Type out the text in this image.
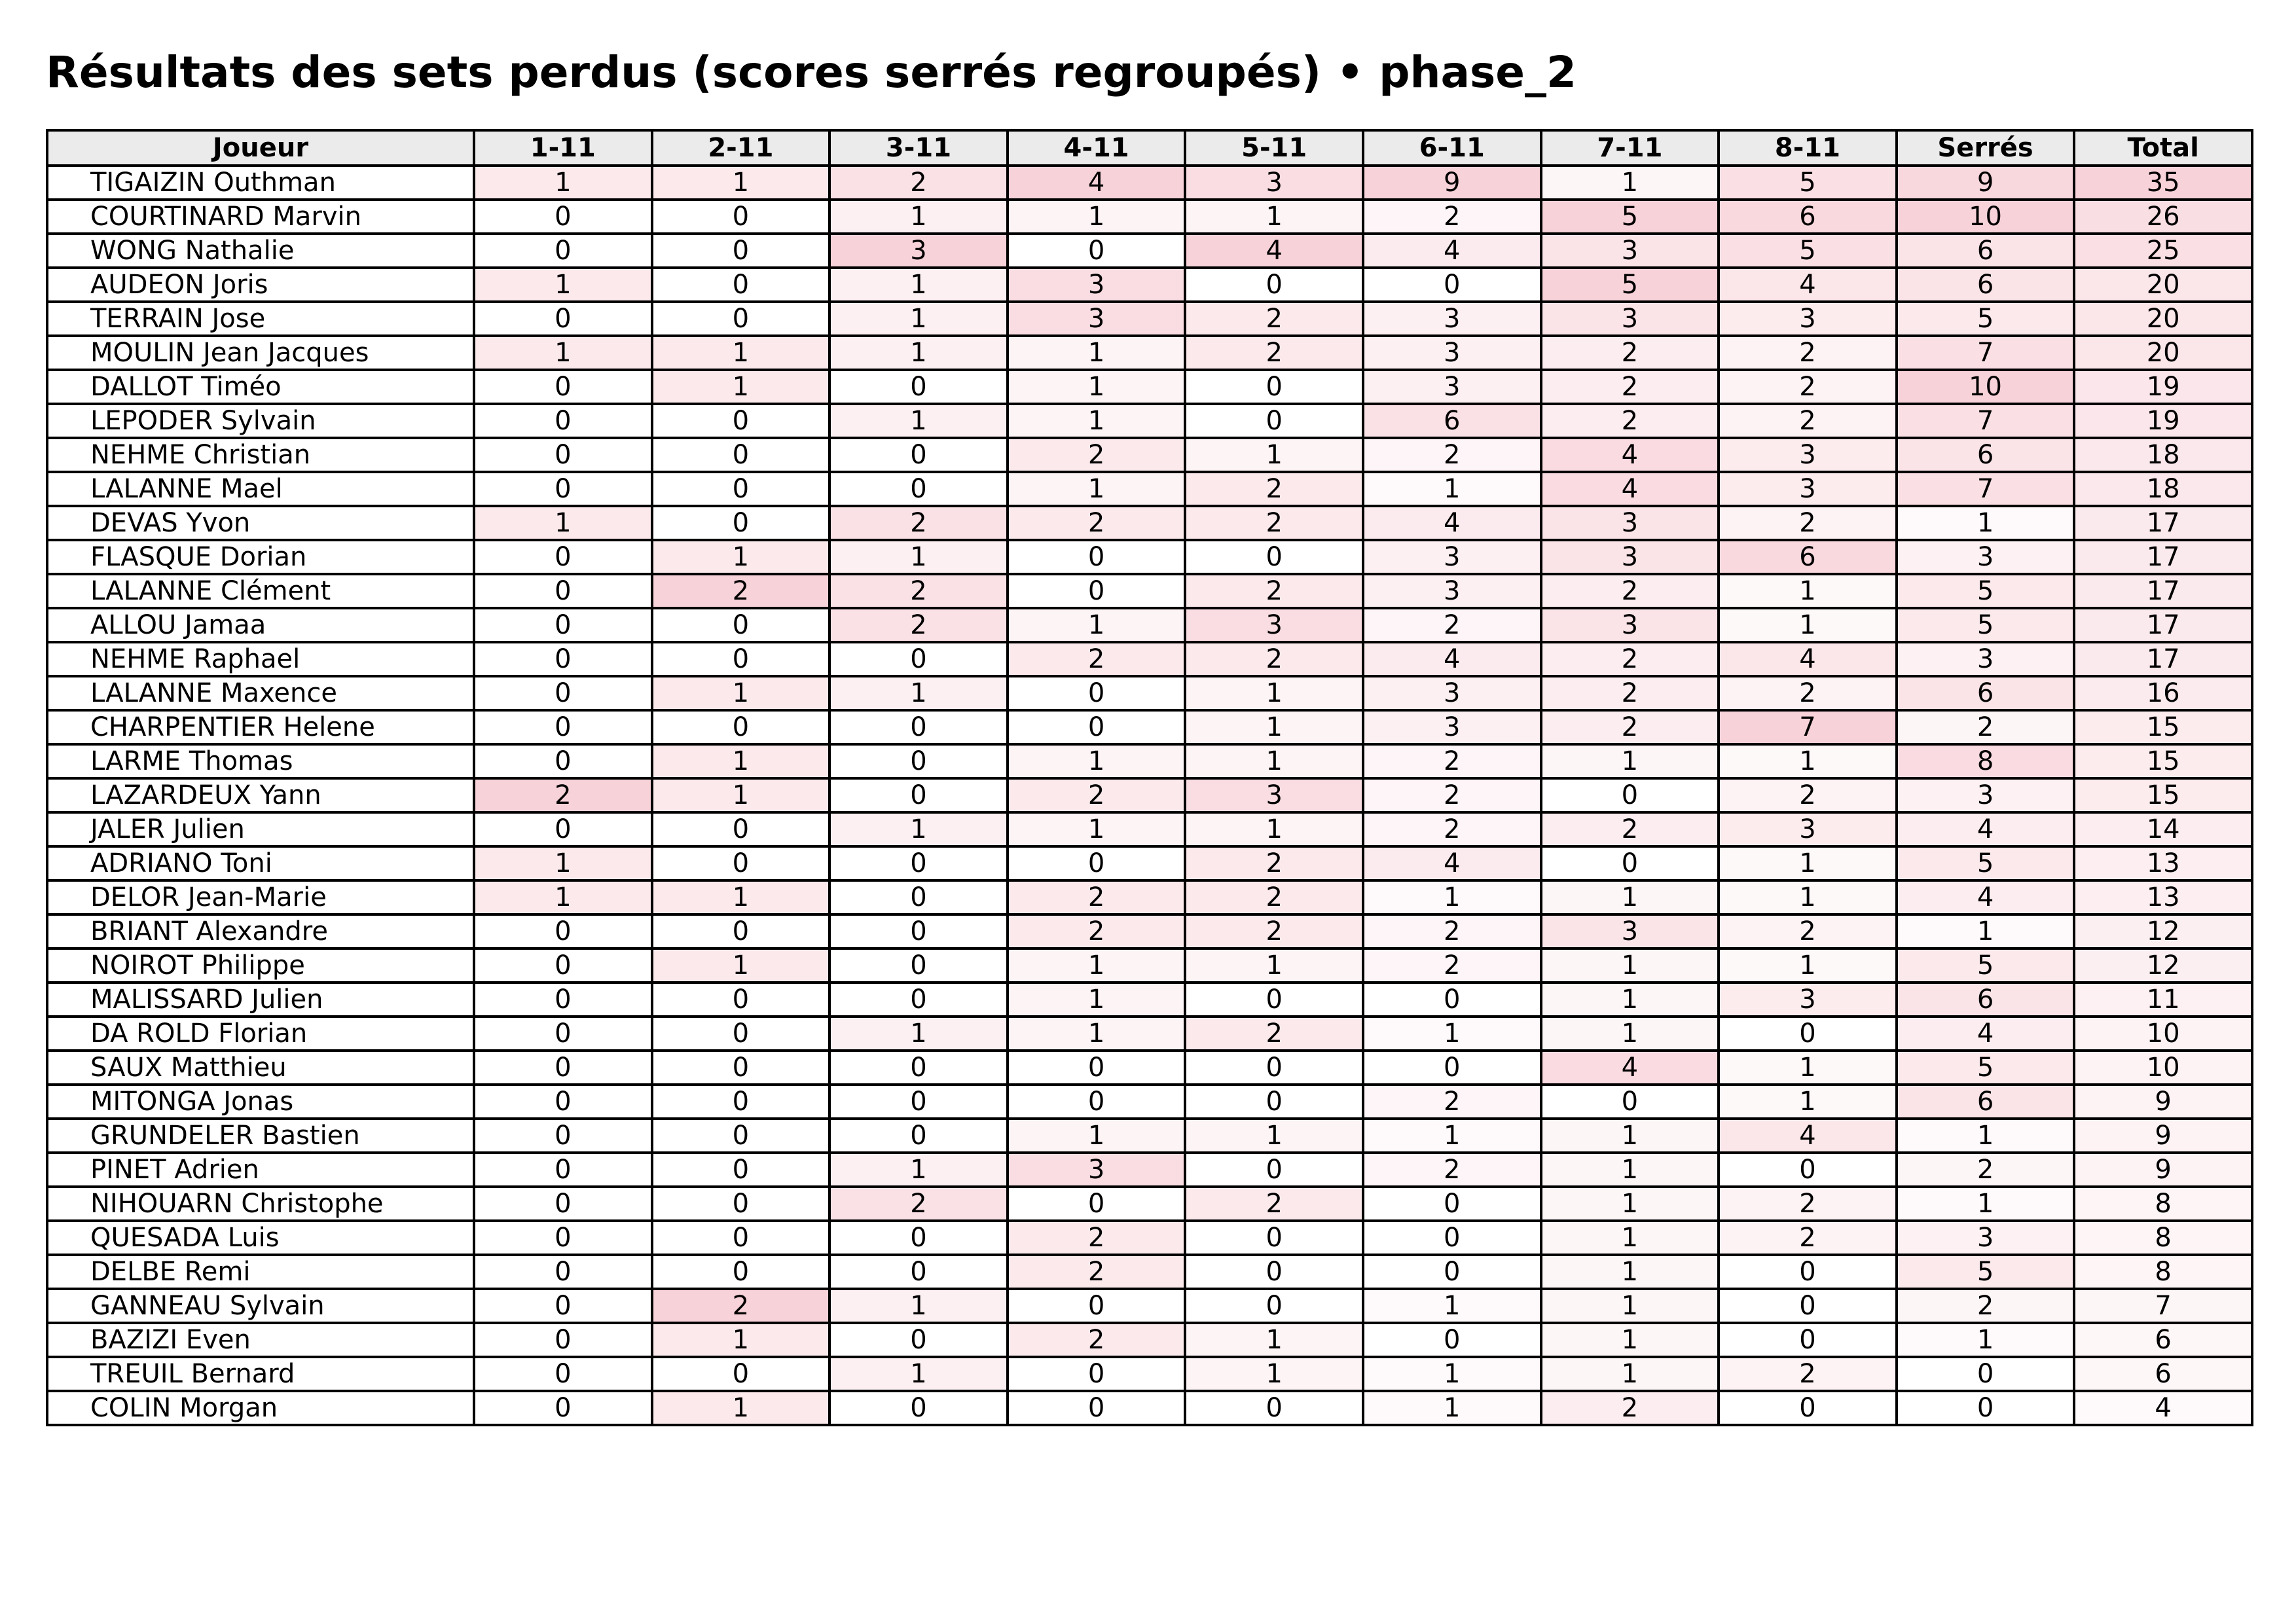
Résultats des sets perdus (scores serrés regroupés) • phase_2
Joueur	1-11	2-11	3-11	4-11	5-11	6-11	7-11	8-11	Serrés	Total
TIGAIZIN Outhman	1	1	2	4	3	9	1	5	9	35
COURTINARD Marvin	0	0	1	1	1	2	5	6	10	26
WONG Nathalie	0	0	3	0	4	4	3	5	6	25
AUDEON Joris	1	0	1	3	0	0	5	4	6	20
TERRAIN Jose	0	0	1	3	2	3	3	3	5	20
MOULIN Jean Jacques	1	1	1	1	2	3	2	2	7	20
DALLOT Timéo	0	1	0	1	0	3	2	2	10	19
LEPODER Sylvain	0	0	1	1	0	6	2	2	7	19
NEHME Christian	0	0	0	2	1	2	4	3	6	18
LALANNE Mael	0	0	0	1	2	1	4	3	7	18
DEVAS Yvon	1	0	2	2	2	4	3	2	1	17
FLASQUE Dorian	0	1	1	0	0	3	3	6	3	17
LALANNE Clément	0	2	2	0	2	3	2	1	5	17
ALLOU Jamaa	0	0	2	1	3	2	3	1	5	17
NEHME Raphael	0	0	0	2	2	4	2	4	3	17
LALANNE Maxence	0	1	1	0	1	3	2	2	6	16
CHARPENTIER Helene	0	0	0	0	1	3	2	7	2	15
LARME Thomas	0	1	0	1	1	2	1	1	8	15
LAZARDEUX Yann	2	1	0	2	3	2	0	2	3	15
JALER Julien	0	0	1	1	1	2	2	3	4	14
ADRIANO Toni	1	0	0	0	2	4	0	1	5	13
DELOR Jean-Marie	1	1	0	2	2	1	1	1	4	13
BRIANT Alexandre	0	0	0	2	2	2	3	2	1	12
NOIROT Philippe	0	1	0	1	1	2	1	1	5	12
MALISSARD Julien	0	0	0	1	0	0	1	3	6	11
DA ROLD Florian	0	0	1	1	2	1	1	0	4	10
SAUX Matthieu	0	0	0	0	0	0	4	1	5	10
MITONGA Jonas	0	0	0	0	0	2	0	1	6	9
GRUNDELER Bastien	0	0	0	1	1	1	1	4	1	9
PINET Adrien	0	0	1	3	0	2	1	0	2	9
NIHOUARN Christophe	0	0	2	0	2	0	1	2	1	8
QUESADA Luis	0	0	0	2	0	0	1	2	3	8
DELBE Remi	0	0	0	2	0	0	1	0	5	8
GANNEAU Sylvain	0	2	1	0	0	1	1	0	2	7
BAZIZI Even	0	1	0	2	1	0	1	0	1	6
TREUIL Bernard	0	0	1	0	1	1	1	2	0	6
COLIN Morgan	0	1	0	0	0	1	2	0	0	4
